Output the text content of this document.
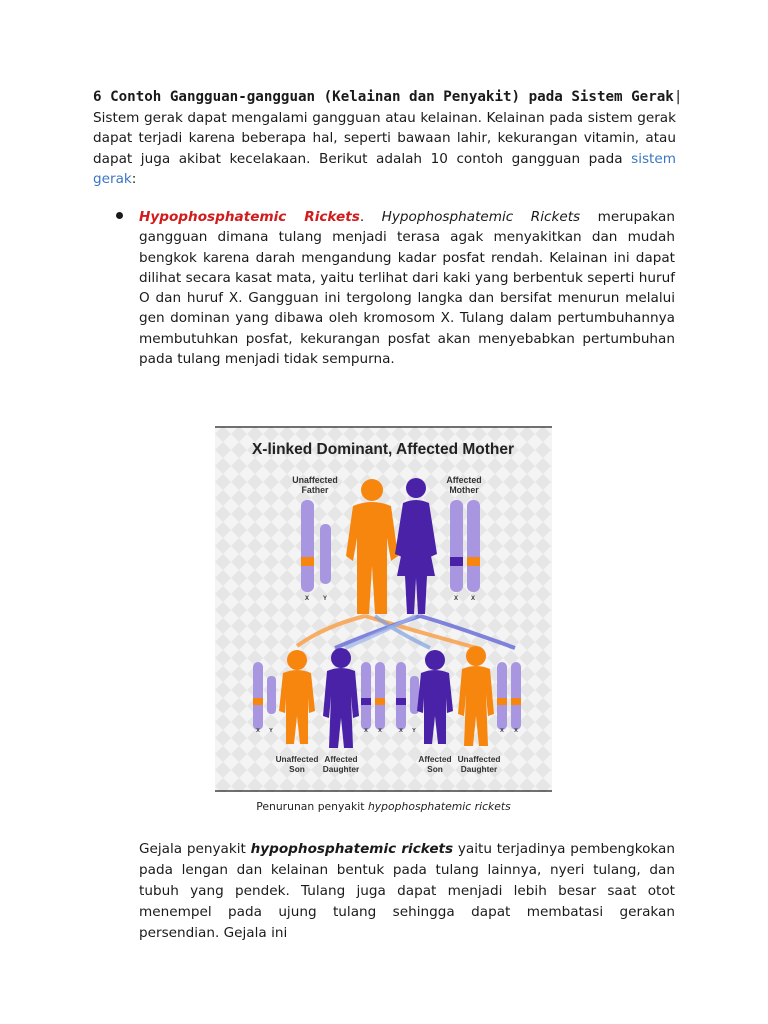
6 Contoh Gangguan-gangguan (Kelainan dan Penyakit) pada Sistem Gerak|
Sistem gerak dapat mengalami gangguan atau kelainan. Kelainan pada sistem gerak dapat terjadi karena beberapa hal, seperti bawaan lahir, kekurangan vitamin, atau dapat juga akibat kecelakaan. Berikut adalah 10 contoh gangguan pada sistem gerak:
Hypophosphatemic Rickets. Hypophosphatemic Rickets merupakan gangguan dimana tulang menjadi terasa agak menyakitkan dan mudah bengkok karena darah mengandung kadar posfat rendah. Kelainan ini dapat dilihat secara kasat mata, yaitu terlihat dari kaki yang berbentuk seperti huruf O dan huruf X. Gangguan ini tergolong langka dan bersifat menurun melalui gen dominan yang dibawa oleh kromosom X. Tulang dalam pertumbuhannya membutuhkan posfat, kekurangan posfat akan menyebabkan pertumbuhan pada tulang menjadi tidak sempurna.
X-linked Dominant, Affected Mother
Unaffected
Father
Affected
Mother
X Y	X X
X Y	X X	X Y	X X
Unaffected
Son
Affected
Daughter
Affected
Son
Unaffected
Daughter
Penurunan penyakit hypophosphatemic rickets
Gejala penyakit hypophosphatemic rickets yaitu terjadinya pembengkokan pada lengan dan kelainan bentuk pada tulang lainnya, nyeri tulang, dan tubuh yang pendek. Tulang juga dapat menjadi lebih besar saat otot menempel pada ujung tulang sehingga dapat membatasi gerakan persendian. Gejala ini
